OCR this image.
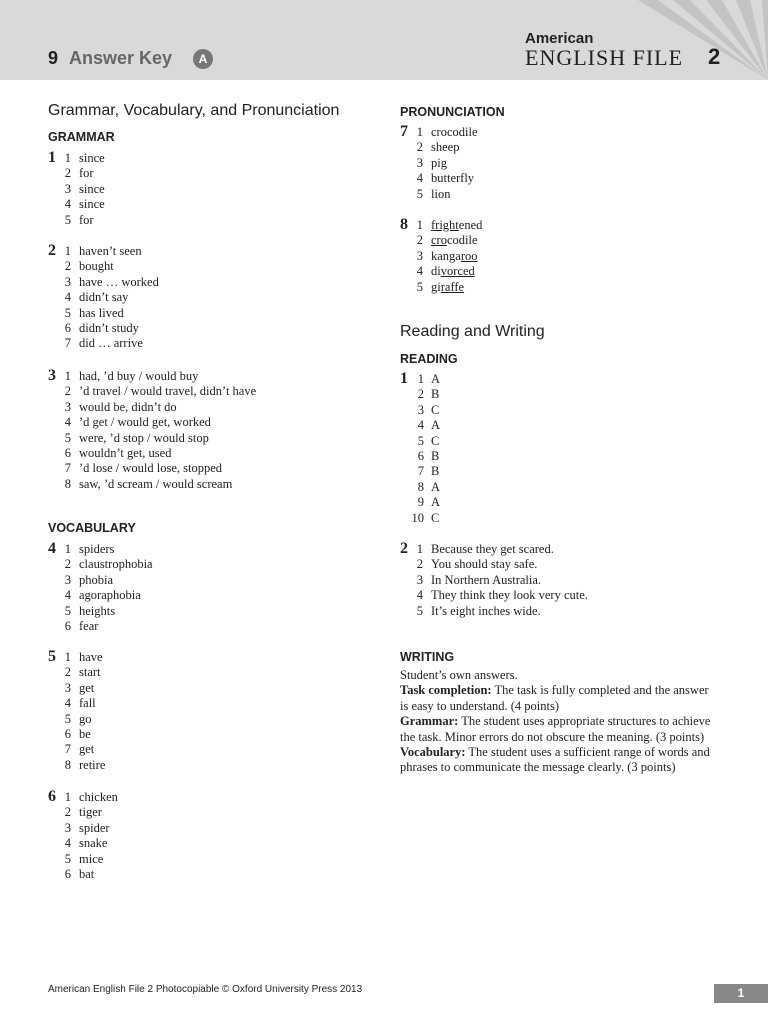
9 Answer Key	A
American
ENGLISH FILE 2
Grammar, Vocabulary, and Pronunciation
GRAMMAR
1 1 since
2 for
3 since
4 since
5 for
2 1 haven’t seen
2 bought
3 have … worked
4 didn’t say
5 has lived
6 didn’t study
7 did … arrive
3 1 had, ’d buy / would buy
2 ’d travel / would travel, didn’t have
3 would be, didn’t do
4 ’d get / would get, worked
5 were, ’d stop / would stop
6 wouldn’t get, used
7 ’d lose / would lose, stopped
8 saw, ’d scream / would scream
VOCABULARY
4 1 spiders
2 claustrophobia
3 phobia
4 agoraphobia
5 heights
6 fear
5 1 have
2 start
3 get
4 fall
5 go
6 be
7 get
8 retire
6 1 chicken
2 tiger
3 spider
4 snake
5 mice
6 bat
PRONUNCIATION
7 1 crocodile
2 sheep
3 pig
4 butterfly
5 lion
8 1 frightened
2 crocodile
3 kangaroo
4 divorced
5 giraffe
Reading and Writing
READING
1 1 A
2 B
3 C
4 A
5 C
6 B
7 B
8 A
9 A
10 C
2 1 Because they get scared.
2 You should stay safe.
3 In Northern Australia.
4 They think they look very cute.
5 It’s eight inches wide.
WRITING
Student’s own answers.
Task completion: The task is fully completed and the answer is easy to understand. (4 points)
Grammar: The student uses appropriate structures to achieve the task. Minor errors do not obscure the meaning. (3 points)
Vocabulary: The student uses a sufficient range of words and phrases to communicate the message clearly. (3 points)
American English File 2 Photocopiable © Oxford University Press 2013	1
